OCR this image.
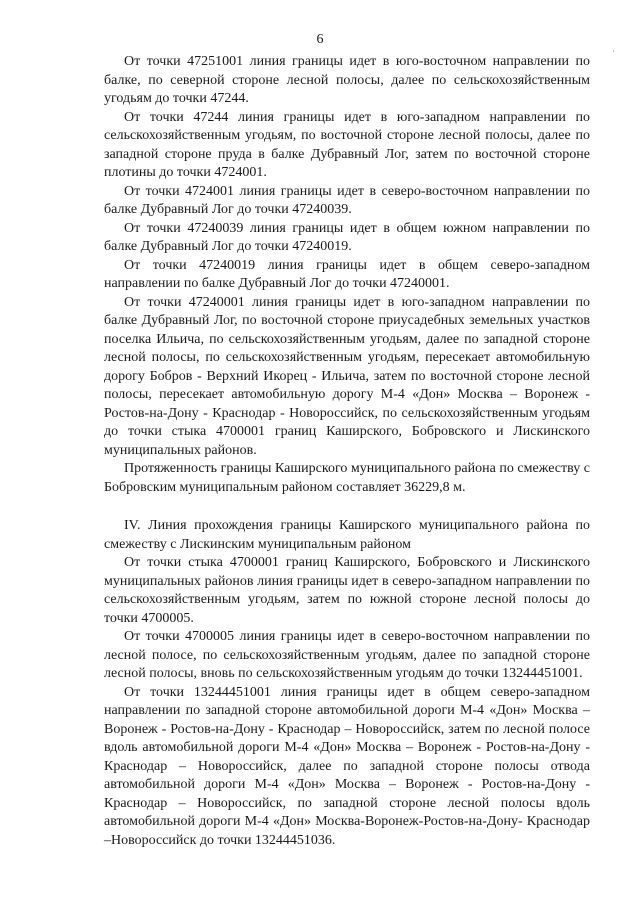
6
·

От точки 47251001 линия границы идет в юго-восточном направлении по балке, по северной стороне лесной полосы, далее по сельскохозяйственным угодьям до точки 47244.

От точки 47244 линия границы идет в юго-западном направлении по сельскохозяйственным угодьям, по восточной стороне лесной полосы, далее по западной стороне пруда в балке Дубравный Лог, затем по восточной стороне плотины до точки 4724001.

От точки 4724001 линия границы идет в северо-восточном направлении по балке Дубравный Лог до точки 47240039.

От точки 47240039 линия границы идет в общем южном направлении по балке Дубравный Лог до точки 47240019.

От точки 47240019 линия границы идет в общем северо-западном направлении по балке Дубравный Лог до точки 47240001.

От точки 47240001 линия границы идет в юго-западном направлении по балке Дубравный Лог, по восточной стороне приусадебных земельных участков поселка Ильича, по сельскохозяйственным угодьям, далее по западной стороне лесной полосы, по сельскохозяйственным угодьям, пересекает автомобильную дорогу Бобров - Верхний Икорец - Ильича, затем по восточной стороне лесной полосы, пересекает автомобильную дорогу М-4 «Дон» Москва – Воронеж - Ростов-на-Дону - Краснодар - Новороссийск, по сельскохозяйственным угодьям до точки стыка 4700001 границ Каширского, Бобровского и Лискинского муниципальных районов.

Протяженность границы Каширского муниципального района по смежеству с Бобровским муниципальным районом составляет 36229,8 м.

IV. Линия прохождения границы Каширского муниципального района по смежеству с Лискинским муниципальным районом

От точки стыка 4700001 границ Каширского, Бобровского и Лискинского муниципальных районов линия границы идет в северо-западном направлении по сельскохозяйственным угодьям, затем по южной стороне лесной полосы до точки 4700005.

От точки 4700005 линия границы идет в северо-восточном направлении по лесной полосе, по сельскохозяйственным угодьям, далее по западной стороне лесной полосы, вновь по сельскохозяйственным угодьям до точки 13244451001.

От точки 13244451001 линия границы идет в общем северо-западном направлении по западной стороне автомобильной дороги М-4 «Дон» Москва – Воронеж - Ростов-на-Дону - Краснодар – Новороссийск, затем по лесной полосе вдоль автомобильной дороги М-4 «Дон» Москва – Воронеж - Ростов-на-Дону - Краснодар – Новороссийск, далее по западной стороне полосы отвода автомобильной дороги М-4 «Дон» Москва – Воронеж - Ростов-на-Дону - Краснодар – Новороссийск, по западной стороне лесной полосы вдоль автомобильной дороги М-4 «Дон» Москва-Воронеж-Ростов-на-Дону- Краснодар –Новороссийск до точки 13244451036.
